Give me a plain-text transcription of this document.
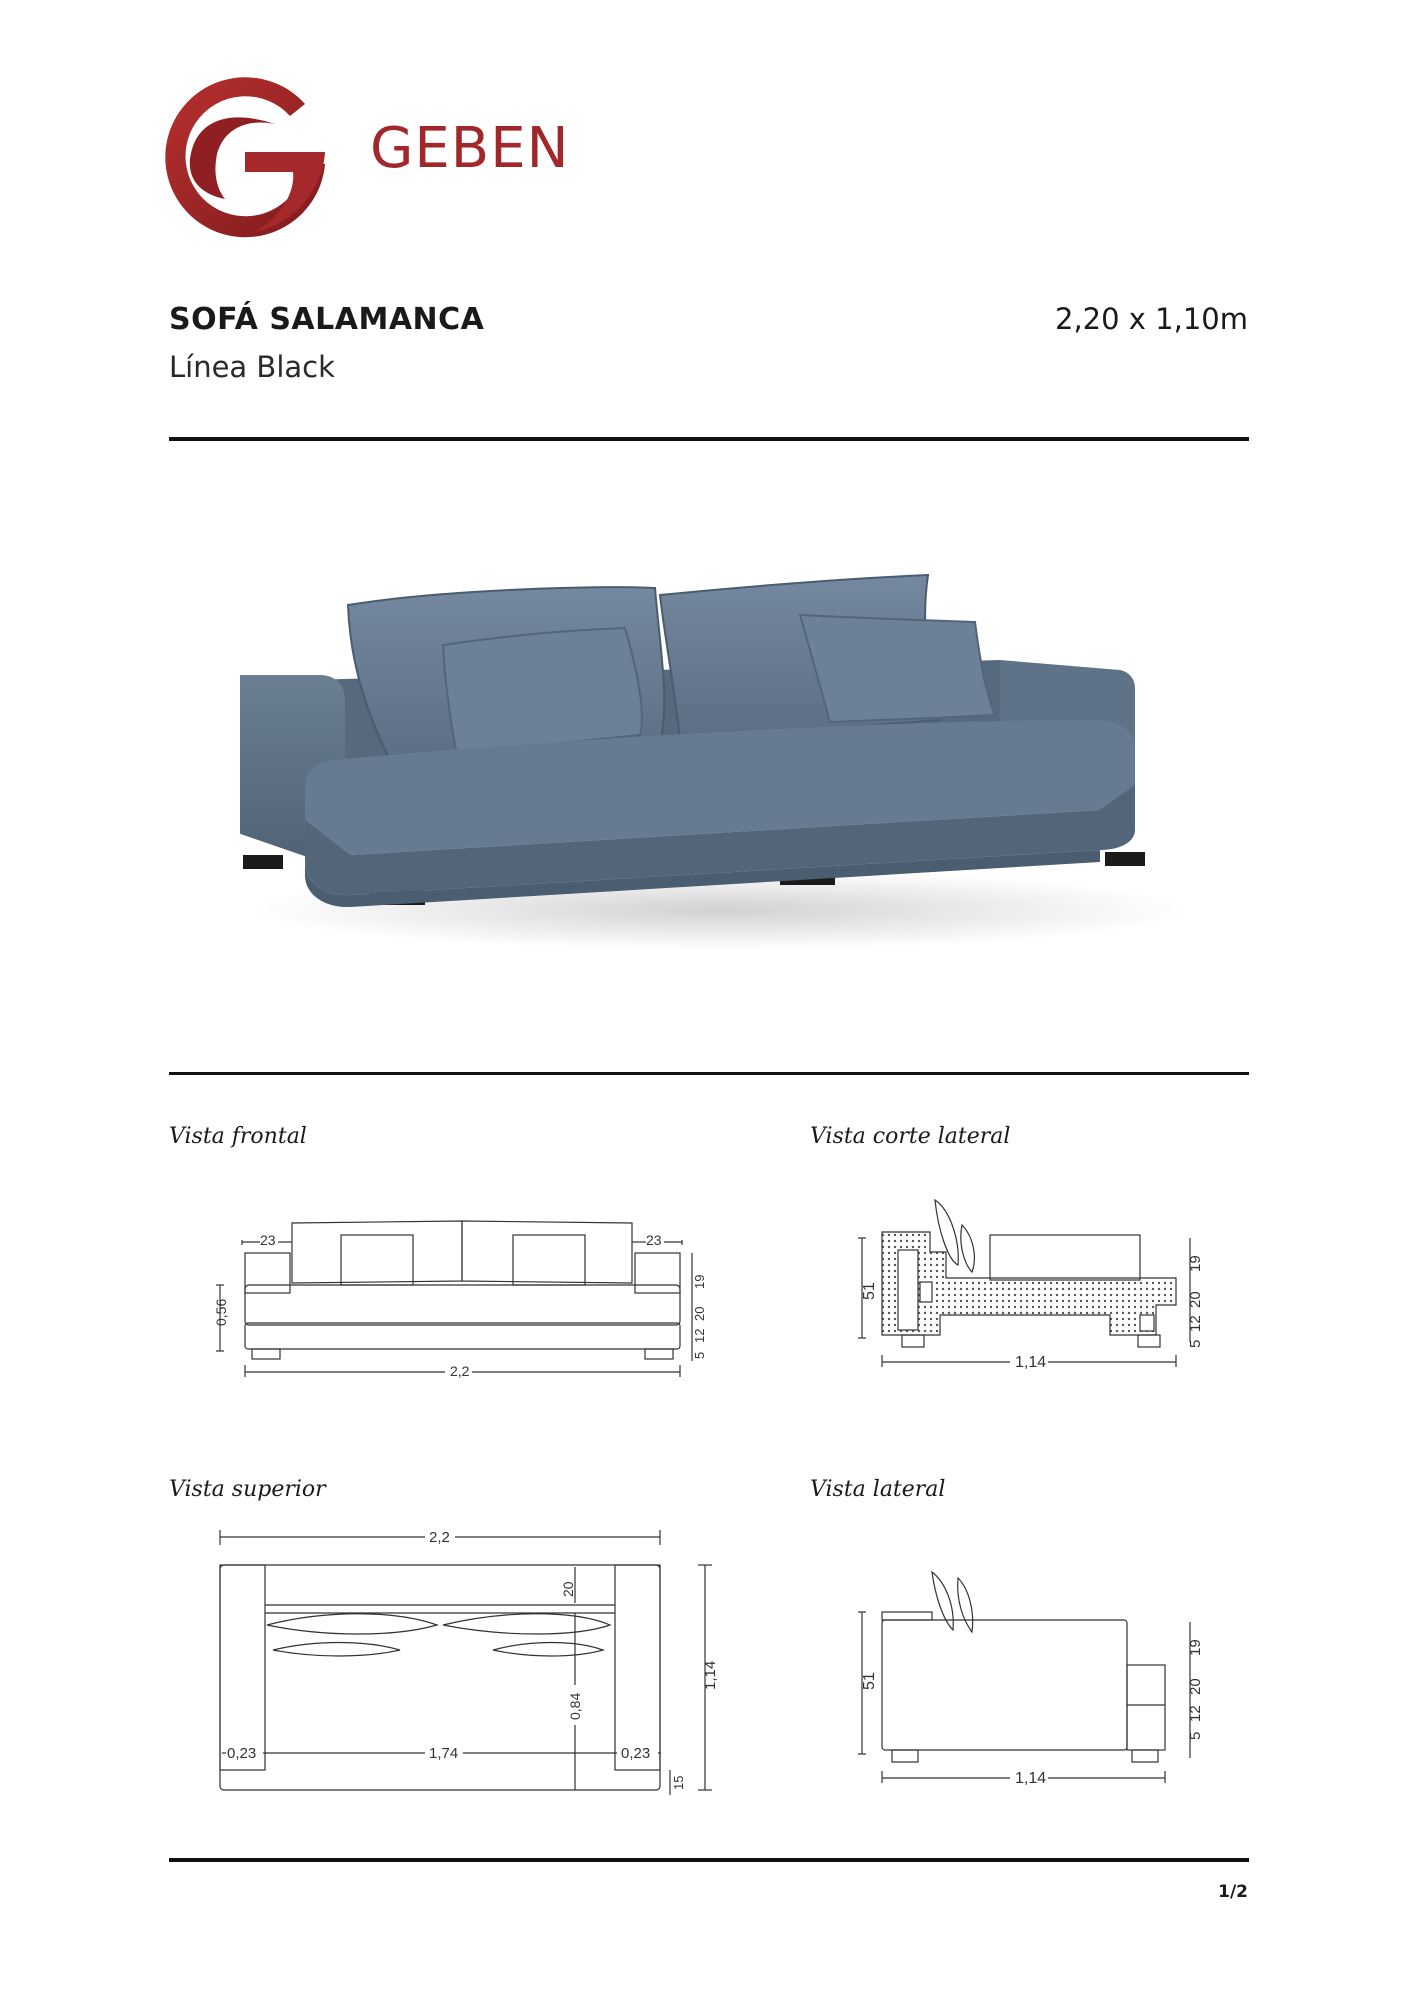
GEBEN
SOFÁ SALAMANCA
Línea Black
2,20 x 1,10m
Vista frontal	Vista corte lateral
Vista superior	Vista lateral
23	23
0,56
2,2
19
20
12
5
51
1,14
19
20
12
5
2,2
20
0,84
1,14
0,23	1,74	0,23
15
51
1,14
19
20
12
5
1/2
